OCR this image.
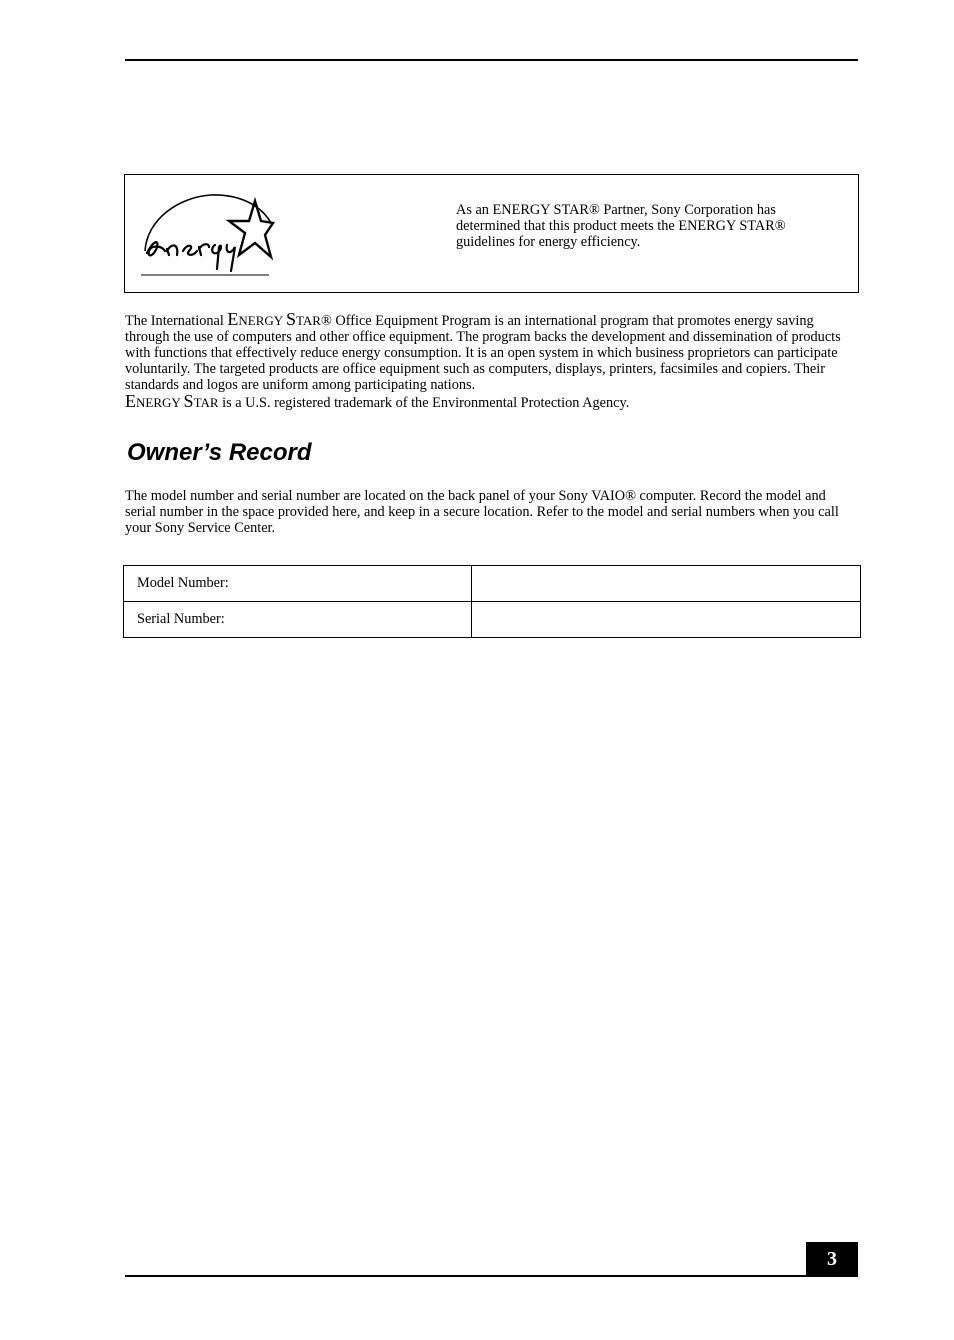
As an ENERGY STAR® Partner, Sony Corporation has determined that this product meets the ENERGY STAR® guidelines for energy efficiency.
The International ENERGY STAR® Office Equipment Program is an international program that promotes energy saving through the use of computers and other office equipment. The program backs the development and dissemination of products with functions that effectively reduce energy consumption. It is an open system in which business proprietors can participate voluntarily. The targeted products are office equipment such as computers, displays, printers, facsimiles and copiers. Their standards and logos are uniform among participating nations.
ENERGY STAR is a U.S. registered trademark of the Environmental Protection Agency.
Owner’s Record
The model number and serial number are located on the back panel of your Sony VAIO® computer. Record the model and serial number in the space provided here, and keep in a secure location. Refer to the model and serial numbers when you call your Sony Service Center.
Model Number:	
Serial Number:	
3
